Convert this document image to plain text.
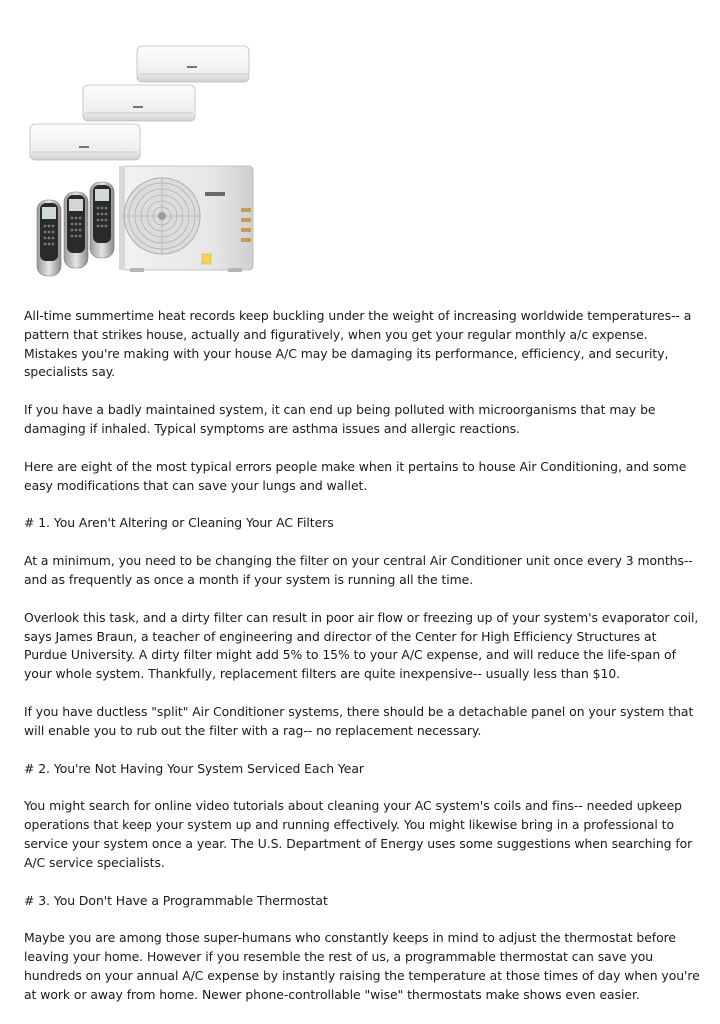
All-time summertime heat records keep buckling under the weight of increasing worldwide temperatures-- a pattern that strikes house, actually and figuratively, when you get your regular monthly a/c expense. Mistakes you're making with your house A/C may be damaging its performance, efficiency, and security, specialists say.

If you have a badly maintained system, it can end up being polluted with microorganisms that may be damaging if inhaled. Typical symptoms are asthma issues and allergic reactions.

Here are eight of the most typical errors people make when it pertains to house Air Conditioning, and some easy modifications that can save your lungs and wallet.

# 1. You Aren't Altering or Cleaning Your AC Filters

At a minimum, you need to be changing the filter on your central Air Conditioner unit once every 3 months-- and as frequently as once a month if your system is running all the time.

Overlook this task, and a dirty filter can result in poor air flow or freezing up of your system's evaporator coil, says James Braun, a teacher of engineering and director of the Center for High Efficiency Structures at Purdue University. A dirty filter might add 5% to 15% to your A/C expense, and will reduce the life-span of your whole system. Thankfully, replacement filters are quite inexpensive-- usually less than $10.

If you have ductless "split" Air Conditioner systems, there should be a detachable panel on your system that will enable you to rub out the filter with a rag-- no replacement necessary.

# 2. You're Not Having Your System Serviced Each Year

You might search for online video tutorials about cleaning your AC system's coils and fins-- needed upkeep operations that keep your system up and running effectively. You might likewise bring in a professional to service your system once a year. The U.S. Department of Energy uses some suggestions when searching for A/C service specialists.

# 3. You Don't Have a Programmable Thermostat

Maybe you are among those super-humans who constantly keeps in mind to adjust the thermostat before leaving your home. However if you resemble the rest of us, a programmable thermostat can save you hundreds on your annual A/C expense by instantly raising the temperature at those times of day when you're at work or away from home. Newer phone-controllable "wise" thermostats make shows even easier.
